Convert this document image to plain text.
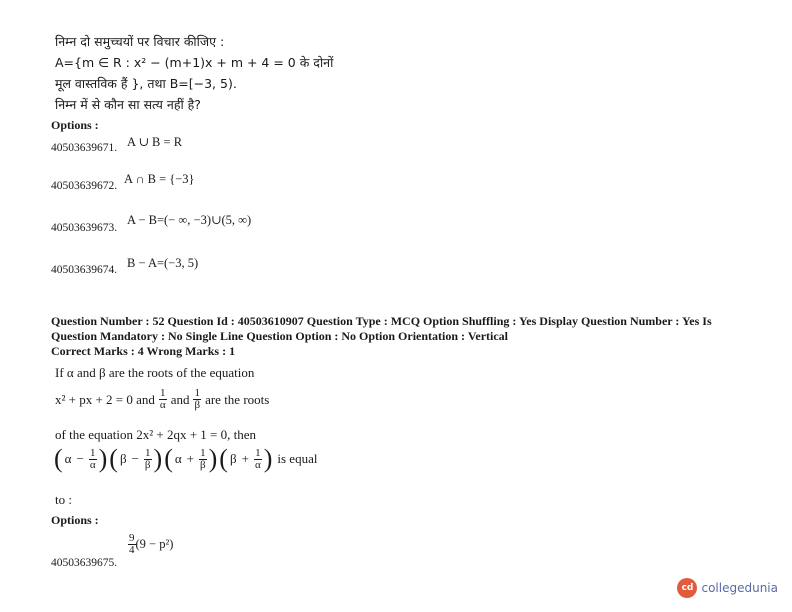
निम्न दो समुच्चयों पर विचार कीजिए :
A={m ∈ R : x² − (m+1)x + m + 4 = 0 के दोनों
मूल वास्तविक हैं }, तथा B=[−3, 5).
निम्न में से कौन सा सत्य नहीं है?
Options :
40503639671. A ∪ B = R
40503639672. A ∩ B = {−3}
40503639673.
A − B=(− ∞, −3)∪(5, ∞)
40503639674. B − A=(−3, 5)
Question Number : 52 Question Id : 40503610907 Question Type : MCQ Option Shuffling : Yes Display Question Number : Yes Is
Question Mandatory : No Single Line Question Option : No Option Orientation : Vertical
Correct Marks : 4 Wrong Marks : 1
If α and β are the roots of the equation
x² + px + 2 = 0 and $\frac{1}{\alpha}$ and $\frac{1}{\beta}$ are the roots
of the equation 2x² + 2qx + 1 = 0, then
( $\alpha - \frac{1}{\alpha}$ ) ( $\beta - \frac{1}{\beta}$ ) ( $\alpha + \frac{1}{\beta}$ ) ( $\beta + \frac{1}{\alpha}$ ) is equal
to :
Options :
40503639675.
$\frac{9}{4} (9 - p^2)$
cd collegedunia
